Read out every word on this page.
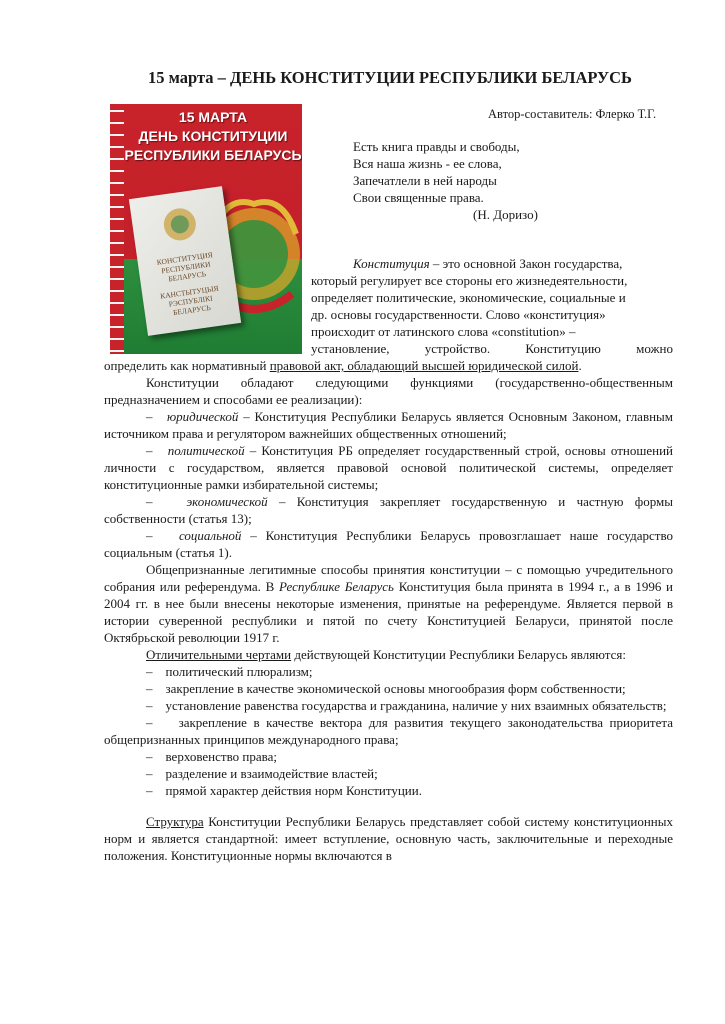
15 марта – ДЕНЬ КОНСТИТУЦИИ РЕСПУБЛИКИ БЕЛАРУСЬ
Автор-составитель: Флерко Т.Г.
Есть книга правды и свободы,
Вся наша жизнь - ее слова,
Запечатлели в ней народы
Свои священные права.
(Н. Доризо)
15 МАРТА
ДЕНЬ КОНСТИТУЦИИ
РЕСПУБЛИКИ БЕЛАРУСЬ
КОНСТИТУЦИЯ РЕСПУБЛИКИ БЕЛАРУСЬ
КАНСТЫТУЦЫЯ РЭСПУБЛIКI БЕЛАРУСЬ

Конституция – это основной Закон государства,

который регулирует все стороны его жизнедеятельности,

определяет политические, экономические, социальные и

др. основы государственности. Слово «конституция»

происходит от латинского слова «constitution» –

установление, устройство. Конституцию можно

определить как нормативный правовой акт, обладающий высшей юридической силой.

Конституции обладают следующими функциями (государственно-общественным предназначением и способами ее реализации):

– юридической – Конституция Республики Беларусь является Основным Законом, главным источником права и регулятором важнейших общественных отношений;

– политической – Конституция РБ определяет государственный строй, основы отношений личности с государством, является правовой основой политической системы, определяет конституционные рамки избирательной системы;

–	экономической – Конституция закрепляет государственную и частную формы собственности (статья 13);

– социальной – Конституция Республики Беларусь провозглашает наше государство социальным (статья 1).

Общепризнанные легитимные способы принятия конституции – с помощью учредительного собрания или референдума. В Республике Беларусь Конституция была принята в 1994 г., а в 1996 и 2004 гг. в нее были внесены некоторые изменения, принятые на референдуме. Является первой в истории суверенной республики и пятой по счету Конституцией Беларуси, принятой после Октябрьской революции 1917 г.

Отличительными чертами действующей Конституции Республики Беларусь являются:

– политический плюрализм;

– закрепление в качестве экономической основы многообразия форм собственности;

– установление равенства государства и гражданина, наличие у них взаимных обязательств;

– закрепление в качестве вектора для развития текущего законодательства приоритета общепризнанных принципов международного права;

– верховенство права;

– разделение и взаимодействие властей;

– прямой характер действия норм Конституции.

Структура Конституции Республики Беларусь представляет собой систему конституционных норм и является стандартной: имеет вступление, основную часть, заключительные и переходные положения. Конституционные нормы включаются в
